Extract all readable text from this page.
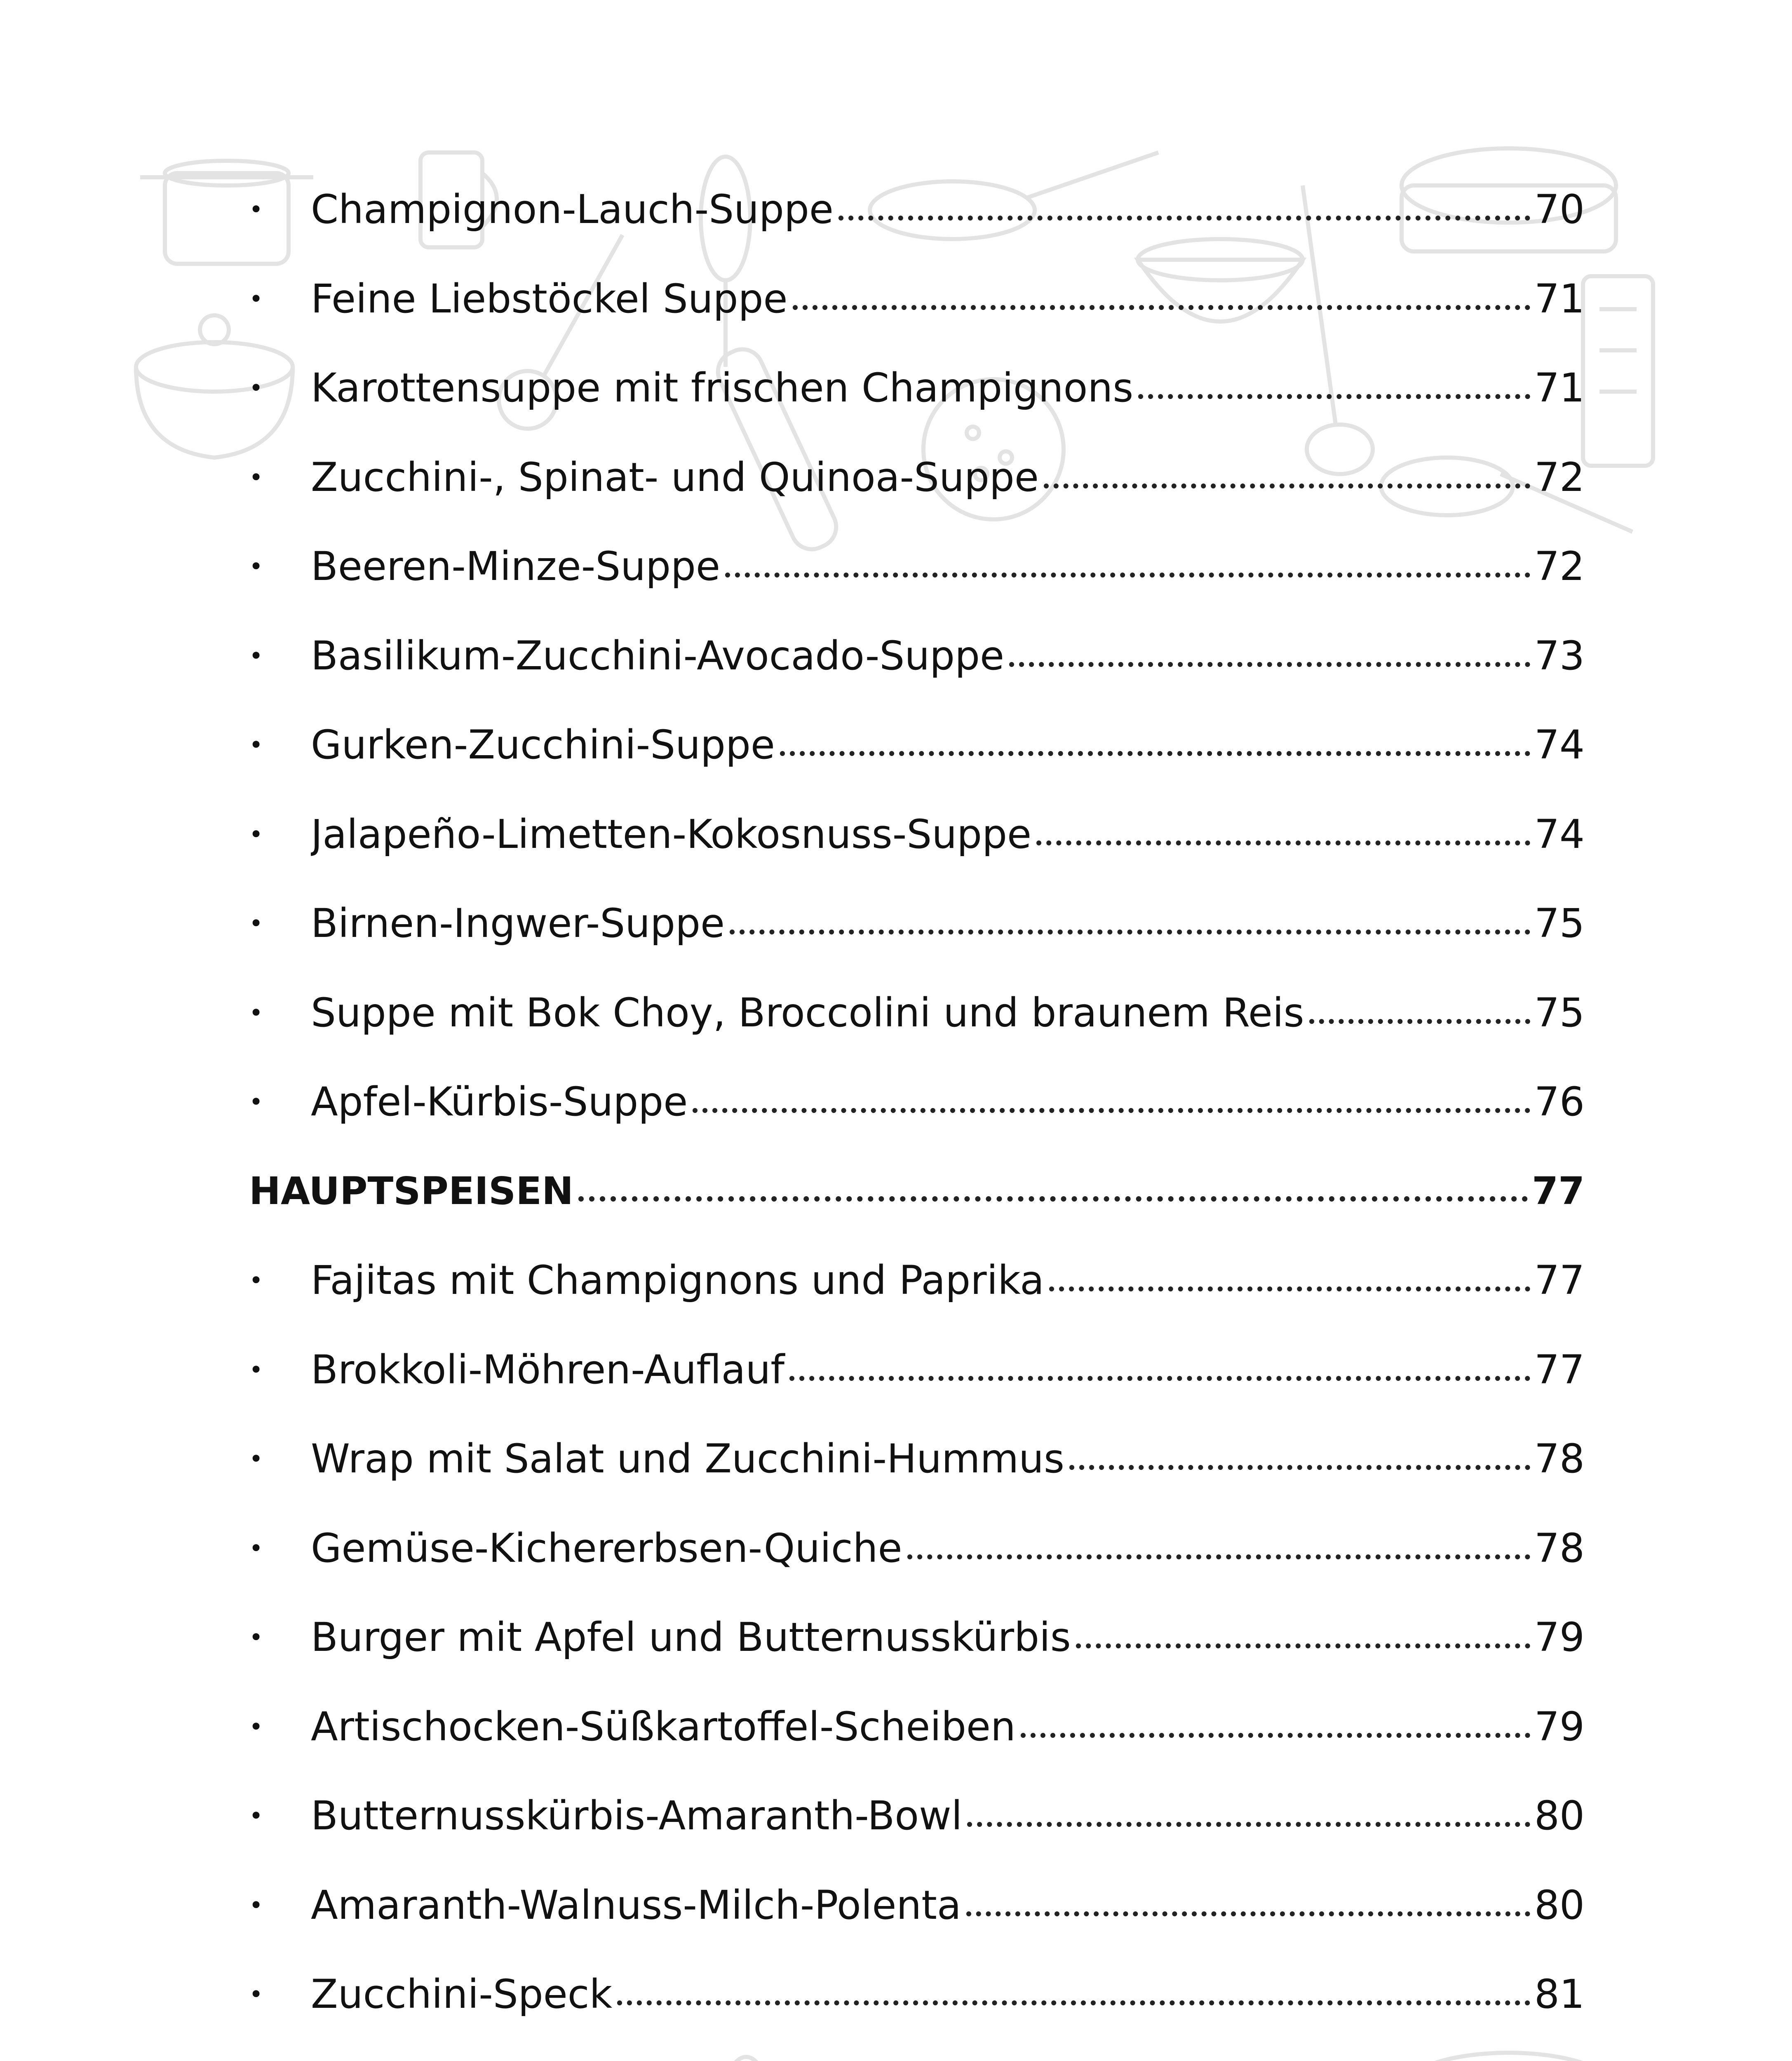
•	Champignon-Lauch-Suppe	70
•	Feine Liebstöckel Suppe	71
•	Karottensuppe mit frischen Champignons	71
•	Zucchini-, Spinat- und Quinoa-Suppe	72
•	Beeren-Minze-Suppe	72
•	Basilikum-Zucchini-Avocado-Suppe	73
•	Gurken-Zucchini-Suppe	74
•	Jalapeño-Limetten-Kokosnuss-Suppe	74
•	Birnen-Ingwer-Suppe	75
•	Suppe mit Bok Choy, Broccolini und braunem Reis	75
•	Apfel-Kürbis-Suppe	76
HAUPTSPEISEN	77
•	Fajitas mit Champignons und Paprika	77
•	Brokkoli-Möhren-Auflauf	77
•	Wrap mit Salat und Zucchini-Hummus	78
•	Gemüse-Kichererbsen-Quiche	78
•	Burger mit Apfel und Butternusskürbis	79
•	Artischocken-Süßkartoffel-Scheiben	79
•	Butternusskürbis-Amaranth-Bowl	80
•	Amaranth-Walnuss-Milch-Polenta	80
•	Zucchini-Speck	81
